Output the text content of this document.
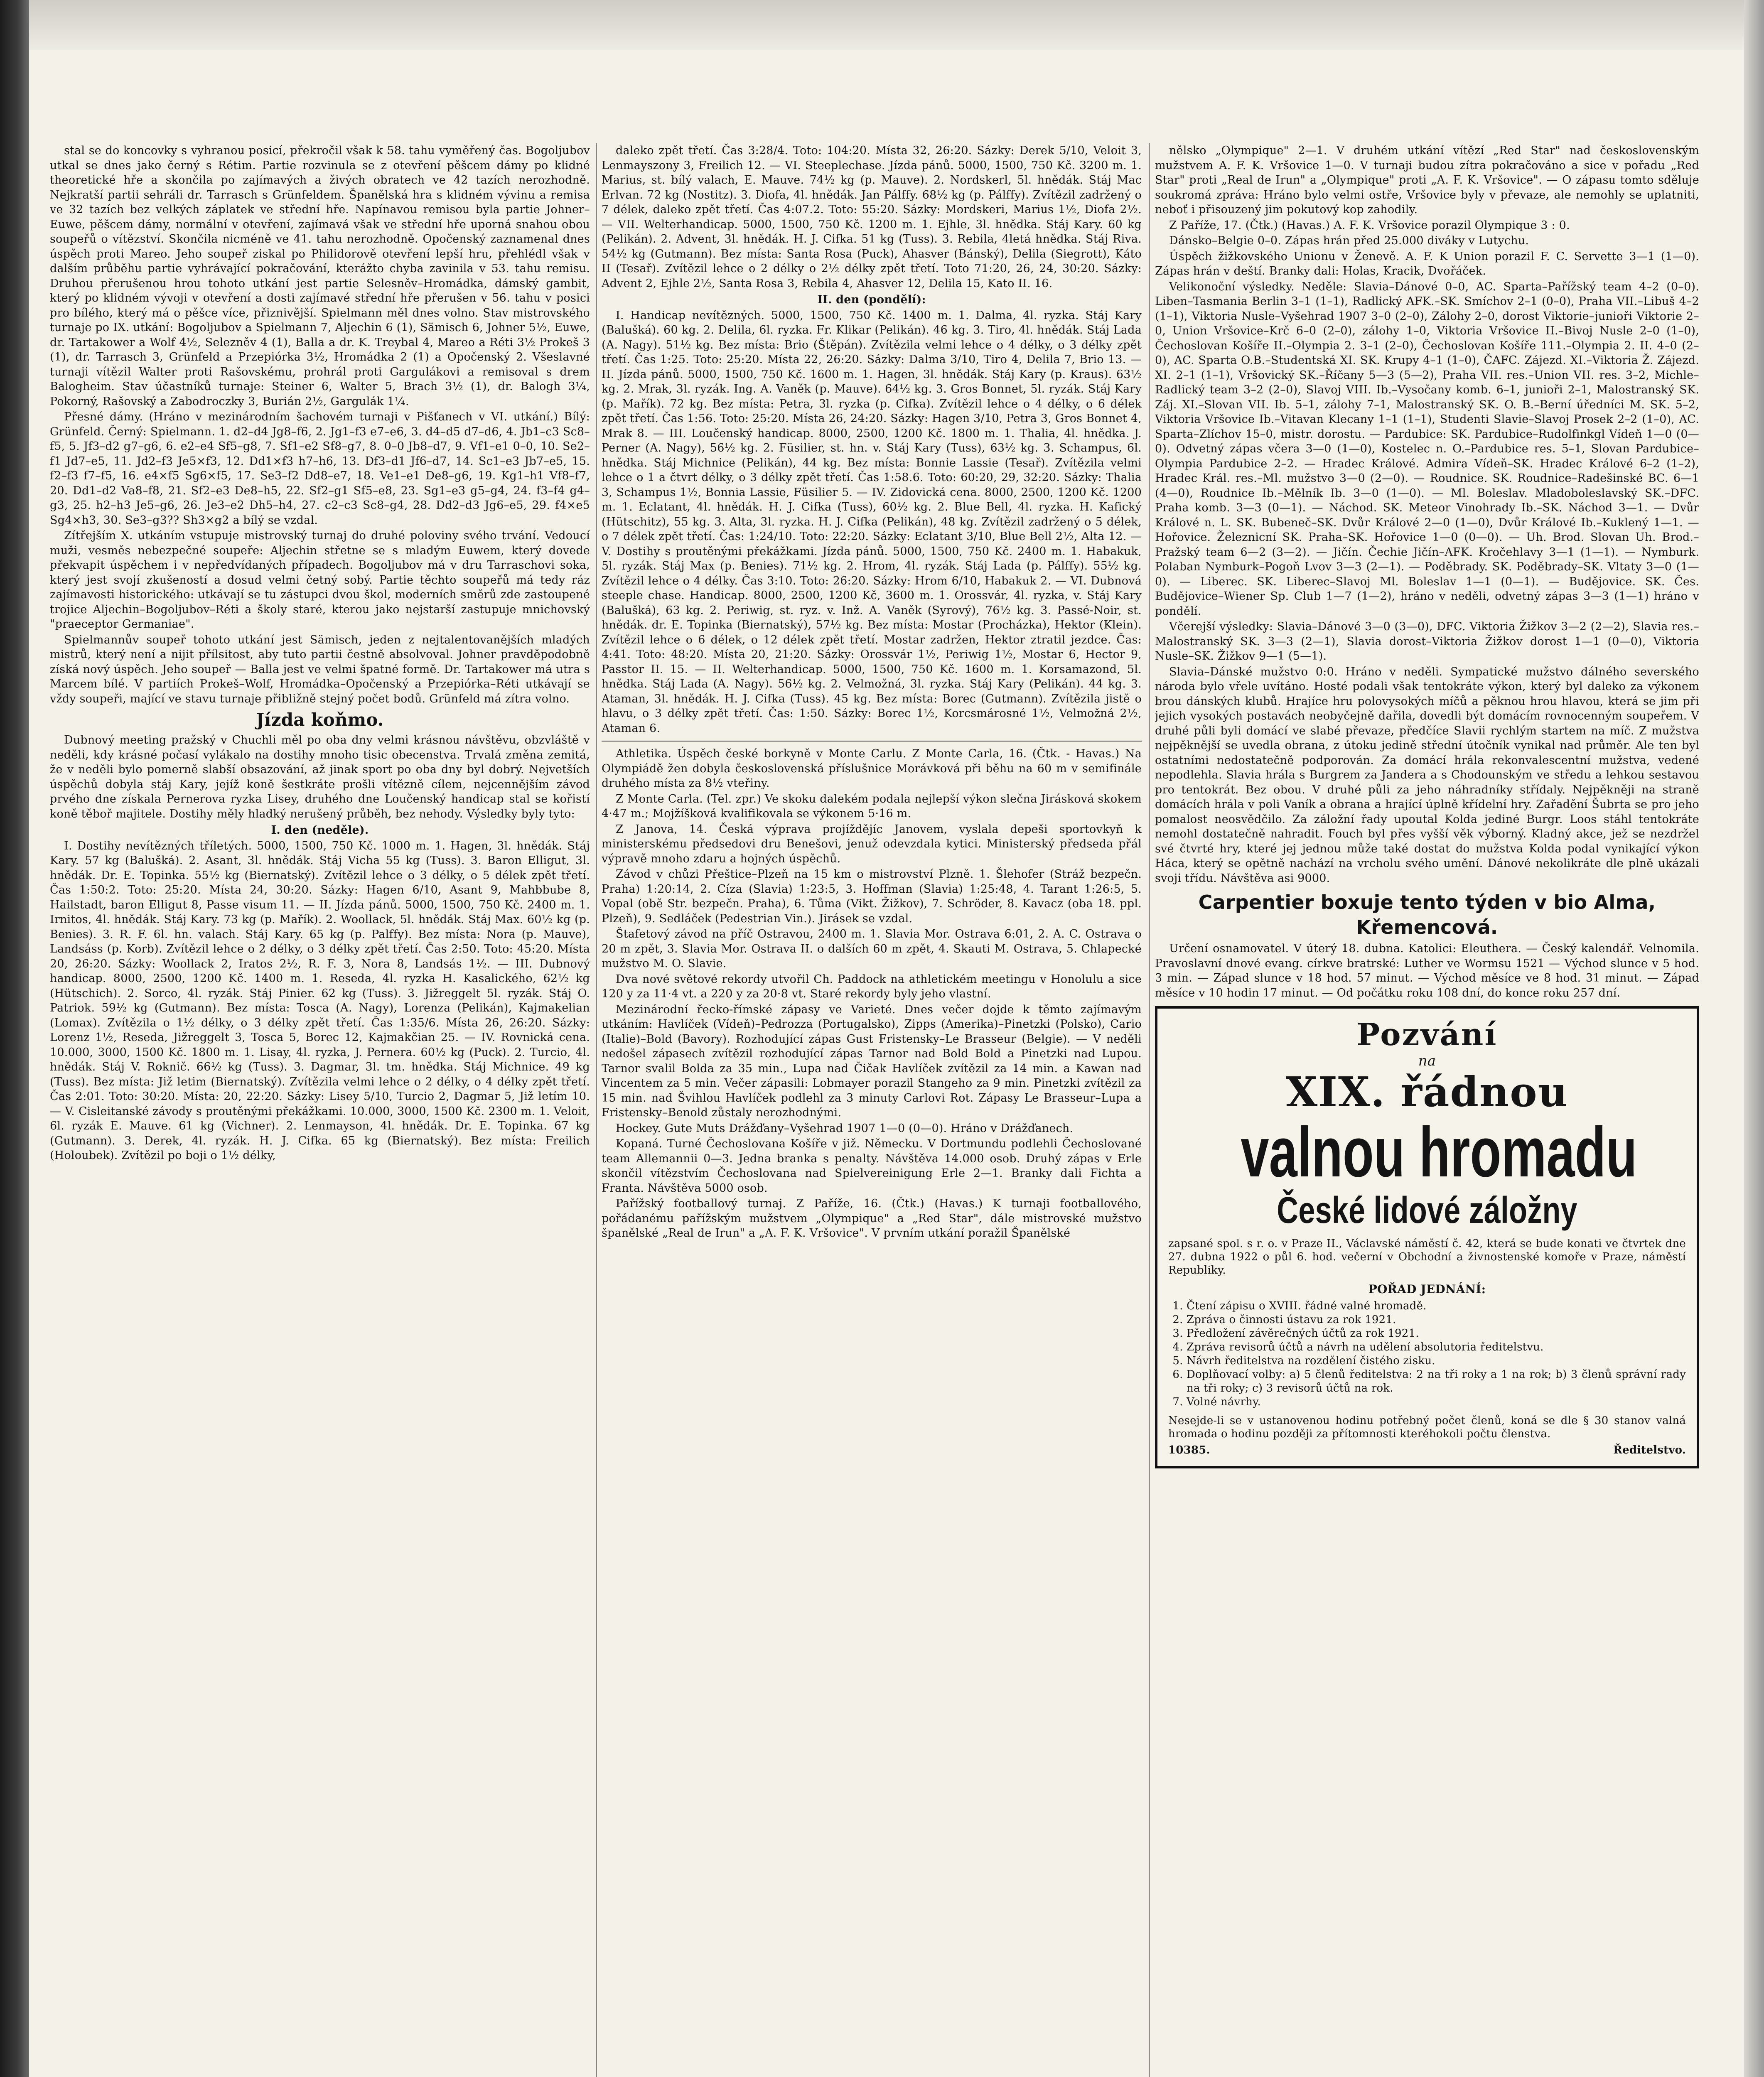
stal se do koncovky s vyhranou posicí, překročil však k 58. tahu vyměřený čas. Bogoljubov utkal se dnes jako černý s Rétim. Partie rozvinula se z otevření pěšcem dámy po klidné theoretické hře a skončila po zajímavých a živých obratech ve 42 tazích nerozhodně. Nejkratší partii sehráli dr. Tarrasch s Grünfeldem. Španělská hra s klidném vývinu a remisa ve 32 tazích bez velkých záplatek ve střední hře. Napínavou remisou byla partie Johner–Euwe, pěšcem dámy, normální v otevření, zajímavá však ve střední hře uporná snahou obou soupeřů o vítězství. Skončila nicméně ve 41. tahu nerozhodně. Opočenský zaznamenal dnes úspěch proti Mareo. Jeho soupeř ziskal po Philidorově otevření lepší hru, přehlédl však v dalším průběhu partie vyhrávající pokračování, kterážto chyba zavinila v 53. tahu remisu. Druhou přerušenou hrou tohoto utkání jest partie Selesněv–Hromádka, dámský gambit, který po klidném vývoji v otevření a dosti zajímavé střední hře přerušen v 56. tahu v posici pro bílého, který má o pěšce více, přiznivější. Spielmann měl dnes volno. Stav mistrovského turnaje po IX. utkání: Bogoljubov a Spielmann 7, Aljechin 6 (1), Sämisch 6, Johner 5½, Euwe, dr. Tartakower a Wolf 4½, Selezněv 4 (1), Balla a dr. K. Treybal 4, Mareo a Réti 3½ Prokeš 3 (1), dr. Tarrasch 3, Grünfeld a Przepiórka 3½, Hromádka 2 (1) a Opočenský 2. Všeslavné turnaji vítězil Walter proti Rašovskému, prohrál proti Gargulákovi a remisoval s drem Balogheim. Stav účastníků turnaje: Steiner 6, Walter 5, Brach 3½ (1), dr. Balogh 3¼, Pokorný, Rašovský a Zabodroczky 3, Burián 2½, Gargulák 1¼.

Přesné dámy. (Hráno v mezinárodním šachovém turnaji v Pišťanech v VI. utkání.) Bílý: Grünfeld. Černý: Spielmann. 1. d2–d4 Jg8–f6, 2. Jg1–f3 e7–e6, 3. d4–d5 d7–d6, 4. Jb1–c3 Sc8–f5, 5. Jf3–d2 g7–g6, 6. e2–e4 Sf5–g8, 7. Sf1–e2 Sf8–g7, 8. 0–0 Jb8–d7, 9. Vf1–e1 0–0, 10. Se2–f1 Jd7–e5, 11. Jd2–f3 Je5×f3, 12. Dd1×f3 h7–h6, 13. Df3–d1 Jf6–d7, 14. Sc1–e3 Jb7–e5, 15. f2–f3 f7–f5, 16. e4×f5 Sg6×f5, 17. Se3–f2 Dd8–e7, 18. Ve1–e1 De8–g6, 19. Kg1–h1 Vf8–f7, 20. Dd1–d2 Va8–f8, 21. Sf2–e3 De8–h5, 22. Sf2–g1 Sf5–e8, 23. Sg1–e3 g5–g4, 24. f3–f4 g4–g3, 25. h2–h3 Je5–g6, 26. Je3–e2 Dh5–h4, 27. c2–c3 Sc8–g4, 28. Dd2–d3 Jg6–e5, 29. f4×e5 Sg4×h3, 30. Se3–g3?? Sh3×g2 a bílý se vzdal.

Zítřejším X. utkáním vstupuje mistrovský turnaj do druhé poloviny svého trvání. Vedoucí muži, vesměs nebezpečné soupeře: Aljechin střetne se s mladým Euwem, který dovede překvapit úspěchem i v nepředvídaných případech. Bogoljubov má v dru Tarraschovi soka, který jest svojí zkušeností a dosud velmi četný sobý. Partie těchto soupeřů má tedy ráz zajímavosti historického: utkávají se tu zástupci dvou škol, moderních směrů zde zastoupené trojice Aljechin–Bogoljubov–Réti a školy staré, kterou jako nejstarší zastupuje mnichovský "praeceptor Germaniae".

Spielmannův soupeř tohoto utkání jest Sämisch, jeden z nejtalentovanějších mladých mistrů, který není a nijit přílsitost, aby tuto partii čestně absolvoval. Johner pravděpodobně získá nový úspěch. Jeho soupeř — Balla jest ve velmi špatné formě. Dr. Tartakower má utra s Marcem bílé. V partiích Prokeš–Wolf, Hromádka–Opočenský a Przepiórka–Réti utkávají se vždy soupeři, mající ve stavu turnaje přibližně stejný počet bodů. Grünfeld má zítra volno.

Jízda koňmo.

Dubnový meeting pražský v Chuchli měl po oba dny velmi krásnou návštěvu, obzvláště v neděli, kdy krásné počasí vylákalo na dostihy mnoho tisic obecenstva. Trvalá změna zemitá, že v neděli bylo pomerně slabší obsazování, až jinak sport po oba dny byl dobrý. Nejvetších úspěchů dobyla stáj Kary, jejíž koně šestkráte prošli vítězně cílem, nejcennějším závod prvého dne získala Pernerova ryzka Lisey, druhého dne Loučenský handicap stal se kořistí koně těboř majitele. Dostihy měly hladký nerušený průběh, bez nehody. Výsledky byly tyto:

I. den (neděle).

I. Dostihy nevítězných tříletých. 5000, 1500, 750 Kč. 1000 m. 1. Hagen, 3l. hnědák. Stáj Kary. 57 kg (Balušká). 2. Asant, 3l. hnědák. Stáj Vicha 55 kg (Tuss). 3. Baron Elligut, 3l. hnědák. Dr. E. Topinka. 55½ kg (Biernatský). Zvítězil lehce o 3 délky, o 5 délek zpět třetí. Čas 1:50:2. Toto: 25:20. Místa 24, 30:20. Sázky: Hagen 6/10, Asant 9, Mahbbube 8, Hailstadt, baron Elligut 8, Passe visum 11. — II. Jízda pánů. 5000, 1500, 750 Kč. 2400 m. 1. Irnitos, 4l. hnědák. Stáj Kary. 73 kg (p. Mařík). 2. Woollack, 5l. hnědák. Stáj Max. 60½ kg (p. Benies). 3. R. F. 6l. hn. valach. Stáj Kary. 65 kg (p. Palffy). Bez místa: Nora (p. Mauve), Landsáss (p. Korb). Zvítězil lehce o 2 délky, o 3 délky zpět třetí. Čas 2:50. Toto: 45:20. Místa 20, 26:20. Sázky: Woollack 2, Iratos 2½, R. F. 3, Nora 8, Landsás 1½. — III. Dubnový handicap. 8000, 2500, 1200 Kč. 1400 m. 1. Reseda, 4l. ryzka H. Kasalického, 62½ kg (Hütschich). 2. Sorco, 4l. ryzák. Stáj Pinier. 62 kg (Tuss). 3. Jižreggelt 5l. ryzák. Stáj O. Patriok. 59½ kg (Gutmann). Bez místa: Tosca (A. Nagy), Lorenza (Pelikán), Kajmakelian (Lomax). Zvítězila o 1½ délky, o 3 délky zpět třetí. Čas 1:35/6. Místa 26, 26:20. Sázky: Lorenz 1½, Reseda, Jižreggelt 3, Tosca 5, Borec 12, Kajmakčian 25. — IV. Rovnická cena. 10.000, 3000, 1500 Kč. 1800 m. 1. Lisay, 4l. ryzka, J. Pernera. 60½ kg (Puck). 2. Turcio, 4l. hnědák. Stáj V. Roknič. 66½ kg (Tuss). 3. Dagmar, 3l. tm. hnědka. Stáj Michnice. 49 kg (Tuss). Bez místa: Již letim (Biernatský). Zvítězila velmi lehce o 2 délky, o 4 délky zpět třetí. Čas 2:01. Toto: 30:20. Místa: 20, 22:20. Sázky: Lisey 5/10, Turcio 2, Dagmar 5, Již letím 10. — V. Cisleitanské závody s proutěnými překážkami. 10.000, 3000, 1500 Kč. 2300 m. 1. Veloit, 6l. ryzák E. Mauve. 61 kg (Vichner). 2. Lenmayson, 4l. hnědák. Dr. E. Topinka. 67 kg (Gutmann). 3. Derek, 4l. ryzák. H. J. Cifka. 65 kg (Biernatský). Bez místa: Freilich (Holoubek). Zvítězil po boji o 1½ délky,

daleko zpět třetí. Čas 3:28/4. Toto: 104:20. Místa 32, 26:20. Sázky: Derek 5/10, Veloit 3, Lenmayszony 3, Freilich 12. — VI. Steeplechase. Jízda pánů. 5000, 1500, 750 Kč. 3200 m. 1. Marius, st. bílý valach, E. Mauve. 74½ kg (p. Mauve). 2. Nordskerl, 5l. hnědák. Stáj Mac Erlvan. 72 kg (Nostitz). 3. Diofa, 4l. hnědák. Jan Pálffy. 68½ kg (p. Pálffy). Zvítězil zadržený o 7 délek, daleko zpět třetí. Čas 4:07.2. Toto: 55:20. Sázky: Mordskeri, Marius 1½, Diofa 2½. — VII. Welterhandicap. 5000, 1500, 750 Kč. 1200 m. 1. Ejhle, 3l. hnědka. Stáj Kary. 60 kg (Pelikán). 2. Advent, 3l. hnědák. H. J. Cifka. 51 kg (Tuss). 3. Rebila, 4letá hnědka. Stáj Riva. 54½ kg (Gutmann). Bez místa: Santa Rosa (Puck), Ahasver (Bánský), Delila (Siegrott), Káto II (Tesař). Zvítězil lehce o 2 délky o 2½ délky zpět třetí. Toto 71:20, 26, 24, 30:20. Sázky: Advent 2, Ejhle 2½, Santa Rosa 3, Rebila 4, Ahasver 12, Delila 15, Kato II. 16.

II. den (pondělí):

I. Handicap nevítězných. 5000, 1500, 750 Kč. 1400 m. 1. Dalma, 4l. ryzka. Stáj Kary (Balušká). 60 kg. 2. Delila, 6l. ryzka. Fr. Klikar (Pelikán). 46 kg. 3. Tiro, 4l. hnědák. Stáj Lada (A. Nagy). 51½ kg. Bez místa: Brio (Štěpán). Zvítězila velmi lehce o 4 délky, o 3 délky zpět třetí. Čas 1:25. Toto: 25:20. Místa 22, 26:20. Sázky: Dalma 3/10, Tiro 4, Delila 7, Brio 13. — II. Jízda pánů. 5000, 1500, 750 Kč. 1600 m. 1. Hagen, 3l. hnědák. Stáj Kary (p. Kraus). 63½ kg. 2. Mrak, 3l. ryzák. Ing. A. Vaněk (p. Mauve). 64½ kg. 3. Gros Bonnet, 5l. ryzák. Stáj Kary (p. Mařík). 72 kg. Bez místa: Petra, 3l. ryzka (p. Cifka). Zvítězil lehce o 4 délky, o 6 délek zpět třetí. Čas 1:56. Toto: 25:20. Místa 26, 24:20. Sázky: Hagen 3/10, Petra 3, Gros Bonnet 4, Mrak 8. — III. Loučenský handicap. 8000, 2500, 1200 Kč. 1800 m. 1. Thalia, 4l. hnědka. J. Perner (A. Nagy), 56½ kg. 2. Füsilier, st. hn. v. Stáj Kary (Tuss), 63½ kg. 3. Schampus, 6l. hnědka. Stáj Michnice (Pelikán), 44 kg. Bez místa: Bonnie Lassie (Tesař). Zvítězila velmi lehce o 1 a čtvrt délky, o 3 délky zpět třetí. Čas 1:58.6. Toto: 60:20, 29, 32:20. Sázky: Thalia 3, Schampus 1½, Bonnia Lassie, Füsilier 5. — IV. Zidovická cena. 8000, 2500, 1200 Kč. 1200 m. 1. Eclatant, 4l. hnědák. H. J. Cifka (Tuss), 60½ kg. 2. Blue Bell, 4l. ryzka. H. Kafický (Hütschitz), 55 kg. 3. Alta, 3l. ryzka. H. J. Cifka (Pelikán), 48 kg. Zvítězil zadržený o 5 délek, o 7 délek zpět třetí. Čas: 1:24/10. Toto: 22:20. Sázky: Eclatant 3/10, Blue Bell 2½, Alta 12. — V. Dostihy s proutěnými překážkami. Jízda pánů. 5000, 1500, 750 Kč. 2400 m. 1. Habakuk, 5l. ryzák. Stáj Max (p. Benies). 71½ kg. 2. Hrom, 4l. ryzák. Stáj Lada (p. Pálffy). 55½ kg. Zvítězil lehce o 4 délky. Čas 3:10. Toto: 26:20. Sázky: Hrom 6/10, Habakuk 2. — VI. Dubnová steeple chase. Handicap. 8000, 2500, 1200 Kč, 3600 m. 1. Orossvár, 4l. ryzka, v. Stáj Kary (Balušká), 63 kg. 2. Periwig, st. ryz. v. Inž. A. Vaněk (Syrový), 76½ kg. 3. Passé-Noir, st. hnědák. dr. E. Topinka (Biernatský), 57½ kg. Bez místa: Mostar (Procházka), Hektor (Klein). Zvítězil lehce o 6 délek, o 12 délek zpět třetí. Mostar zadržen, Hektor ztratil jezdce. Čas: 4:41. Toto: 48:20. Místa 20, 21:20. Sázky: Orossvár 1½, Periwig 1½, Mostar 6, Hector 9, Passtor II. 15. — II. Welterhandicap. 5000, 1500, 750 Kč. 1600 m. 1. Korsamazond, 5l. hnědka. Stáj Lada (A. Nagy). 56½ kg. 2. Velmožná, 3l. ryzka. Stáj Kary (Pelikán). 44 kg. 3. Ataman, 3l. hnědák. H. J. Cifka (Tuss). 45 kg. Bez místa: Borec (Gutmann). Zvítězila jistě o hlavu, o 3 délky zpět třetí. Čas: 1:50. Sázky: Borec 1½, Korcsmárosné 1½, Velmožná 2½, Ataman 6.

Athletika. Úspěch české borkyně v Monte Carlu. Z Monte Carla, 16. (Čtk. - Havas.) Na Olympiádě žen dobyla československá příslušnice Morávková při běhu na 60 m v semifinále druhého místa za 8½ vteřiny.

Z Monte Carla. (Tel. zpr.) Ve skoku dalekém podala nejlepší výkon slečna Jirásková skokem 4·47 m.; Mojžíšková kvalifikovala se výkonem 5·16 m.

Z Janova, 14. Česká výprava projíždějíc Janovem, vyslala depeši sportovkyň k ministerskému předsedovi dru Benešovi, jenuž odevzdala kytici. Ministerský předseda přál výpravě mnoho zdaru a hojných úspěchů.

Závod v chůzi Přeštice–Plzeň na 15 km o mistrovství Plzně. 1. Šlehofer (Stráž bezpečn. Praha) 1:20:14, 2. Cíza (Slavia) 1:23:5, 3. Hoffman (Slavia) 1:25:48, 4. Tarant 1:26:5, 5. Vopal (obě Str. bezpečn. Praha), 6. Tůma (Vikt. Žižkov), 7. Schröder, 8. Kavacz (oba 18. ppl. Plzeň), 9. Sedláček (Pedestrian Vin.). Jirásek se vzdal.

Štafetový závod na příč Ostravou, 2400 m. 1. Slavia Mor. Ostrava 6:01, 2. A. C. Ostrava o 20 m zpět, 3. Slavia Mor. Ostrava II. o dalších 60 m zpět, 4. Skauti M. Ostrava, 5. Chlapecké mužstvo M. O. Slavie.

Dva nové světové rekordy utvořil Ch. Paddock na athletickém meetingu v Honolulu a sice 120 y za 11·4 vt. a 220 y za 20·8 vt. Staré rekordy byly jeho vlastní.

Mezinárodní řecko-římské zápasy ve Varieté. Dnes večer dojde k těmto zajímavým utkáním: Havlíček (Vídeň)–Pedrozza (Portugalsko), Zipps (Amerika)–Pinetzki (Polsko), Cario (Italie)–Bold (Bavory). Rozhodující zápas Gust Fristensky–Le Brasseur (Belgie). — V neděli nedošel zápasech zvítězil rozhodující zápas Tarnor nad Bold Bold a Pinetzki nad Lupou. Tarnor svalil Bolda za 35 min., Lupa nad Čičak Havlíček zvítězil za 14 min. a Kawan nad Vincentem za 5 min. Večer zápasili: Lobmayer porazil Stangeho za 9 min. Pinetzki zvítězil za 15 min. nad Švihlou Havlíček podlehl za 3 minuty Carlovi Rot. Zápasy Le Brasseur–Lupa a Fristensky–Benold zůstaly nerozhodnými.

Hockey. Gute Muts Drážďany–Vyšehrad 1907 1—0 (0—0). Hráno v Drážďanech.

Kopaná. Turné Čechoslovana Košíře v již. Německu. V Dortmundu podlehli Čechoslované team Allemannii 0—3. Jedna branka s penalty. Návštěva 14.000 osob. Druhý zápas v Erle skončil vítězstvím Čechoslovana nad Spielvereinigung Erle 2—1. Branky dali Fichta a Franta. Návštěva 5000 osob.

Pařížský footballový turnaj. Z Paříže, 16. (Čtk.) (Havas.) K turnaji footballového, pořádanému pařížským mužstvem „Olympique" a „Red Star", dále mistrovské mužstvo španělské „Real de Irun" a „A. F. K. Vršovice". V prvním utkání poražil Španělské

nělsko „Olympique" 2—1. V druhém utkání vítězí „Red Star" nad československým mužstvem A. F. K. Vršovice 1—0. V turnaji budou zítra pokračováno a sice v pořadu „Red Star" proti „Real de Irun" a „Olympique" proti „A. F. K. Vršovice". — O zápasu tomto sděluje soukromá zpráva: Hráno bylo velmi ostře, Vršovice byly v převaze, ale nemohly se uplatniti, neboť i přisouzený jim pokutový kop zahodily.

Z Paříže, 17. (Čtk.) (Havas.) A. F. K. Vršovice porazil Olympique 3 : 0.

Dánsko–Belgie 0–0. Zápas hrán před 25.000 diváky v Lutychu.

Úspěch žižkovského Unionu v Ženevě. A. F. K Union porazil F. C. Servette 3—1 (1—0). Zápas hrán v deští. Branky dali: Holas, Kracik, Dvořáček.

Velikonoční výsledky. Neděle: Slavia–Dánové 0–0, AC. Sparta–Pařížský team 4–2 (0–0). Liben–Tasmania Berlin 3–1 (1–1), Radlický AFK.–SK. Smíchov 2–1 (0–0), Praha VII.–Libuš 4–2 (1–1), Viktoria Nusle–Vyšehrad 1907 3–0 (2–0), Zálohy 2–0, dorost Viktorie–junioři Viktorie 2–0, Union Vršovice–Krč 6–0 (2–0), zálohy 1–0, Viktoria Vršovice II.–Bivoj Nusle 2–0 (1–0), Čechoslovan Košíře II.–Olympia 2. 3–1 (2–0), Čechoslovan Košíře 111.–Olympia 2. II. 4–0 (2–0), AC. Sparta O.B.–Studentská XI. SK. Krupy 4–1 (1–0), ČAFC. Zájezd. XI.–Viktoria Ž. Zájezd. XI. 2–1 (1–1), Vršovický SK.–Říčany 5—3 (5—2), Praha VII. res.–Union VII. res. 3–2, Michle–Radlický team 3–2 (2–0), Slavoj VIII. Ib.–Vysočany komb. 6–1, junioři 2–1, Malostranský SK. Záj. XI.–Slovan VII. Ib. 5–1, zálohy 7–1, Malostranský SK. O. B.–Berní úředníci M. SK. 5–2, Viktoria Vršovice Ib.–Vitavan Klecany 1–1 (1–1), Studenti Slavie–Slavoj Prosek 2–2 (1–0), AC. Sparta–Zlíchov 15–0, mistr. dorostu. — Pardubice: SK. Pardubice–Rudolfinkgl Vídeň 1—0 (0—0). Odvetný zápas včera 3—0 (1—0), Kostelec n. O.–Pardubice res. 5–1, Slovan Pardubice–Olympia Pardubice 2–2. — Hradec Králové. Admira Vídeň–SK. Hradec Králové 6–2 (1–2), Hradec Král. res.–Ml. mužstvo 3—0 (2—0). — Roudnice. SK. Roudnice–Radešinské BC. 6—1 (4—0), Roudnice Ib.–Mělník Ib. 3—0 (1—0). — Ml. Boleslav. Mladoboleslavský SK.–DFC. Praha komb. 3—3 (0—1). — Náchod. SK. Meteor Vinohrady Ib.–SK. Náchod 3—1. — Dvůr Králové n. L. SK. Bubeneč–SK. Dvůr Králové 2—0 (1—0), Dvůr Králové Ib.–Kuklený 1—1. — Hořovice. Železnicní SK. Praha–SK. Hořovice 1—0 (0—0). — Uh. Brod. Slovan Uh. Brod.–Pražský team 6—2 (3—2). — Jičín. Čechie Jičín–AFK. Kročehlavy 3—1 (1—1). — Nymburk. Polaban Nymburk–Pogoň Lvov 3—3 (2—1). — Poděbrady. SK. Poděbrady–SK. Vltaty 3—0 (1—0). — Liberec. SK. Liberec–Slavoj Ml. Boleslav 1—1 (0—1). — Budějovice. SK. Čes. Budějovice–Wiener Sp. Club 1—7 (1—2), hráno v neděli, odvetný zápas 3—3 (1—1) hráno v pondělí.

Včerejší výsledky: Slavia–Dánové 3—0 (3—0), DFC. Viktoria Žižkov 3—2 (2—2), Slavia res.–Malostranský SK. 3—3 (2—1), Slavia dorost–Viktoria Žižkov dorost 1—1 (0—0), Viktoria Nusle–SK. Žižkov 9—1 (5—1).

Slavia–Dánské mužstvo 0:0. Hráno v neděli. Sympatické mužstvo dálného severského národa bylo vřele uvítáno. Hosté podali však tentokráte výkon, který byl daleko za výkonem brou dánských klubů. Hrajíce hru polovysokých míčů a pěknou hrou hlavou, která se jim při jejich vysokých postavách neobyčejně dařila, dovedli být domácím rovnocenným soupeřem. V druhé půli byli domácí ve slabé převaze, předčíce Slavii rychlým startem na míč. Z mužstva nejpěknější se uvedla obrana, z útoku jedině střední útočník vynikal nad průměr. Ale ten byl ostatními nedostatečně podporován. Za domácí hrála rekonvalescentní mužstva, vedené nepodlehla. Slavia hrála s Burgrem za Jandera a s Chodounským ve středu a lehkou sestavou pro tentokrát. Bez obou. V druhé půli za jeho náhradníky střídaly. Nejpěkněji na straně domácích hrála v poli Vaník a obrana a hrající úplně křídelní hry. Zařadění Šubrta se pro jeho pomalost neosvědčilo. Za záložní řady upoutal Kolda jediné Burgr. Loos stáhl tentokráte nemohl dostatečně nahradit. Fouch byl přes vyšší věk výborný. Kladný akce, jež se nezdržel své čtvrté hry, které jej jednou může také dostat do mužstva Kolda podal vynikající výkon Háca, který se opětně nachází na vrcholu svého umění. Dánové nekolikráte dle plně ukázali svoji třídu. Návštěva asi 9000.

Carpentier boxuje tento týden v bio Alma, Křemencová.

Určení osnamovatel. V úterý 18. dubna. Katolici: Eleuthera. — Český kalendář. Velnomila. Pravoslavní dnové evang. církve bratrské: Luther ve Wormsu 1521 — Východ slunce v 5 hod. 3 min. — Západ slunce v 18 hod. 57 minut. — Východ měsíce ve 8 hod. 31 minut. — Západ měsíce v 10 hodin 17 minut. — Od počátku roku 108 dní, do konce roku 257 dní.

Pozvání
na
XIX. řádnou
valnou hromadu
České lidové záložny
zapsané spol. s r. o. v Praze II., Václavské náměstí č. 42, která se bude konati ve čtvrtek dne 27. dubna 1922 o půl 6. hod. večerní v Obchodní a živnostenské komoře v Praze, náměstí Republiky.
POŘAD JEDNÁNÍ:
1. Čtení zápisu o XVIII. řádné valné hromadě.
2. Zpráva o činnosti ústavu za rok 1921.
3. Předložení závěrečných účtů za rok 1921.
4. Zpráva revisorů účtů a návrh na udělení absolutoria ředitelstvu.
5. Návrh ředitelstva na rozdělení čistého zisku.
6. Doplňovací volby: a) 5 členů ředitelstva: 2 na tři roky a 1 na rok; b) 3 členů správní rady na tři roky; c) 3 revisorů účtů na rok.
7. Volné návrhy.
Nesejde-li se v ustanovenou hodinu potřebný počet členů, koná se dle § 30 stanov valná hromada o hodinu později za přítomnosti kteréhokoli počtu členstva.
10385.	Ředitelstvo.
